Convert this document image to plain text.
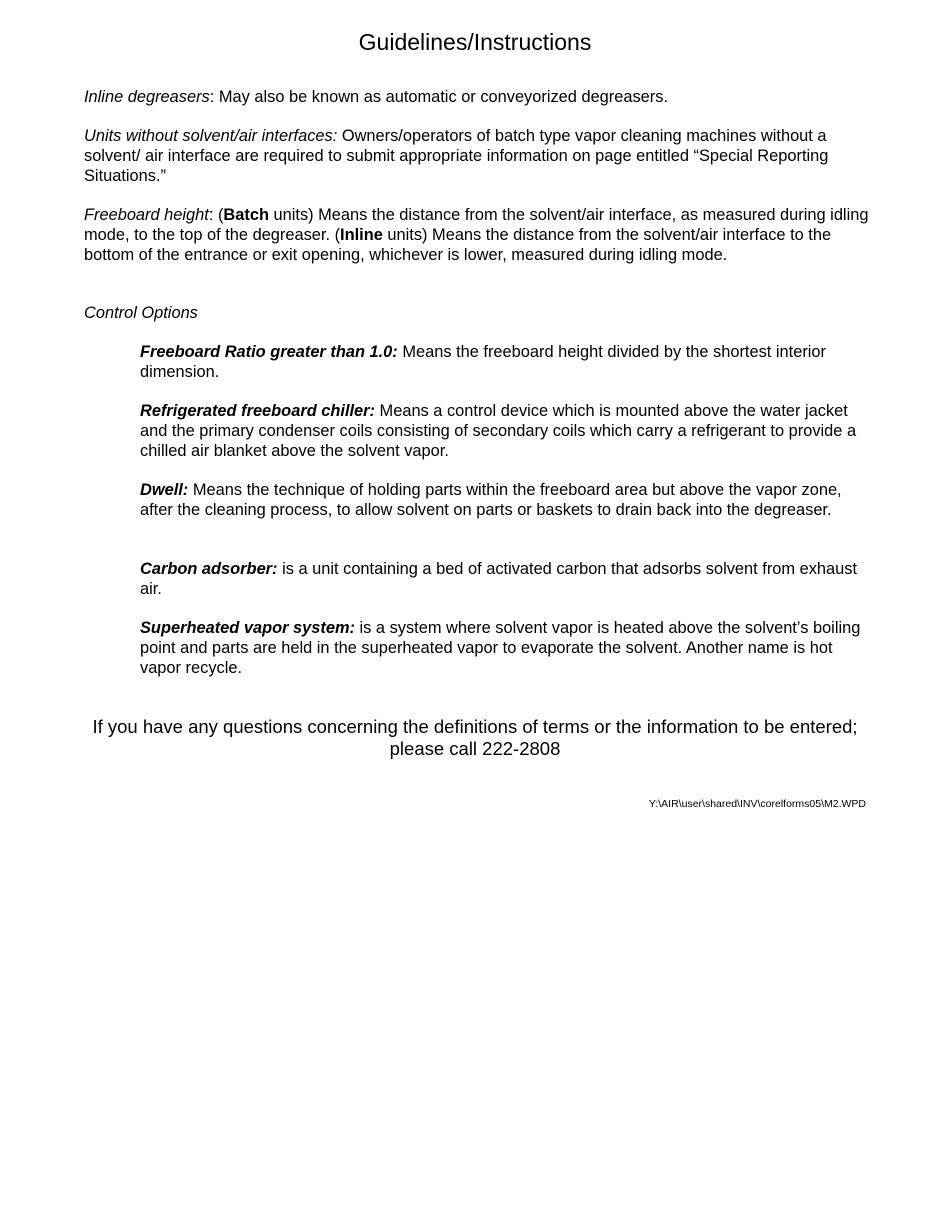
Guidelines/Instructions
Inline degreasers: May also be known as automatic or conveyorized degreasers.
Units without solvent/air interfaces: Owners/operators of batch type vapor cleaning machines without a solvent/ air interface are required to submit appropriate information on page entitled “Special Reporting Situations.”
Freeboard height: (Batch units) Means the distance from the solvent/air interface, as measured during idling mode, to the top of the degreaser. (Inline units) Means the distance from the solvent/air interface to the bottom of the entrance or exit opening, whichever is lower, measured during idling mode.
Control Options
Freeboard Ratio greater than 1.0: Means the freeboard height divided by the shortest interior dimension.
Refrigerated freeboard chiller: Means a control device which is mounted above the water jacket and the primary condenser coils consisting of secondary coils which carry a refrigerant to provide a chilled air blanket above the solvent vapor.
Dwell: Means the technique of holding parts within the freeboard area but above the vapor zone, after the cleaning process, to allow solvent on parts or baskets to drain back into the degreaser.
Carbon adsorber: is a unit containing a bed of activated carbon that adsorbs solvent from exhaust air.
Superheated vapor system: is a system where solvent vapor is heated above the solvent’s boiling point and parts are held in the superheated vapor to evaporate the solvent. Another name is hot vapor recycle.
If you have any questions concerning the definitions of terms or the information to be entered;
please call 222-2808
Y:\AIR\user\shared\INV\corelforms05\M2.WPD
